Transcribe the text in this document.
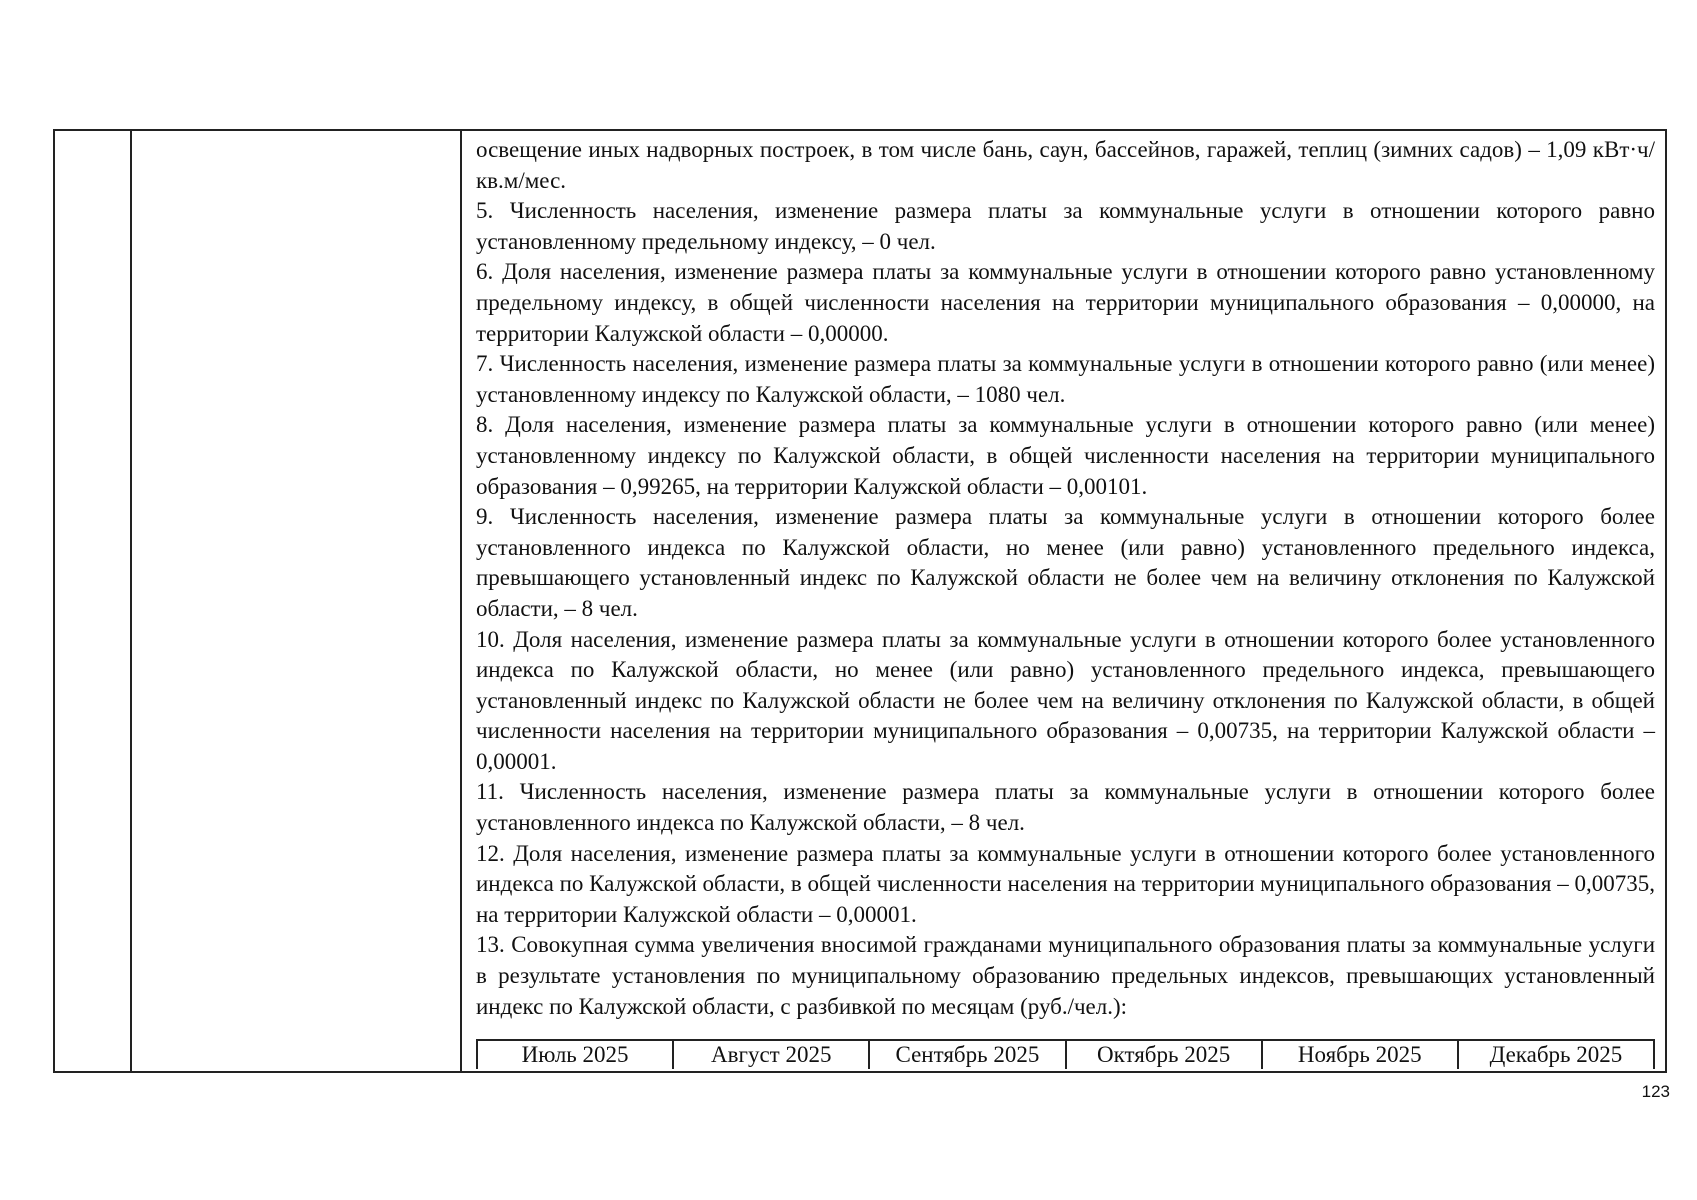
освещение иных надворных построек, в том числе бань, саун, бассейнов, гаражей, теплиц (зимних садов) – 1,09 кВт·ч/кв.м/мес.

5. Численность населения, изменение размера платы за коммунальные услуги в отношении которого равно установленному предельному индексу, – 0 чел.

6. Доля населения, изменение размера платы за коммунальные услуги в отношении которого равно установленному предельному индексу, в общей численности населения на территории муниципального образования – 0,00000, на территории Калужской области – 0,00000.

7. Численность населения, изменение размера платы за коммунальные услуги в отношении которого равно (или менее) установленному индексу по Калужской области, – 1080 чел.

8. Доля населения, изменение размера платы за коммунальные услуги в отношении которого равно (или менее) установленному индексу по Калужской области, в общей численности населения на территории муниципального образования – 0,99265, на территории Калужской области – 0,00101.

9. Численность населения, изменение размера платы за коммунальные услуги в отношении которого более установленного индекса по Калужской области, но менее (или равно) установленного предельного индекса, превышающего установленный индекс по Калужской области не более чем на величину отклонения по Калужской области, – 8 чел.

10. Доля населения, изменение размера платы за коммунальные услуги в отношении которого более установленного индекса по Калужской области, но менее (или равно) установленного предельного индекса, превышающего установленный индекс по Калужской области не более чем на величину отклонения по Калужской области, в общей численности населения на территории муниципального образования – 0,00735, на территории Калужской области – 0,00001.

11. Численность населения, изменение размера платы за коммунальные услуги в отношении которого более установленного индекса по Калужской области, – 8 чел.

12. Доля населения, изменение размера платы за коммунальные услуги в отношении которого более установленного индекса по Калужской области, в общей численности населения на территории муниципального образования – 0,00735, на территории Калужской области – 0,00001.

13. Совокупная сумма увеличения вносимой гражданами муниципального образования платы за коммунальные услуги в результате установления по муниципальному образованию предельных индексов, превышающих установленный индекс по Калужской области, с разбивкой по месяцам (руб./чел.):

Июль 2025	Август 2025	Сентябрь 2025	Октябрь 2025	Ноябрь 2025	Декабрь 2025
123
